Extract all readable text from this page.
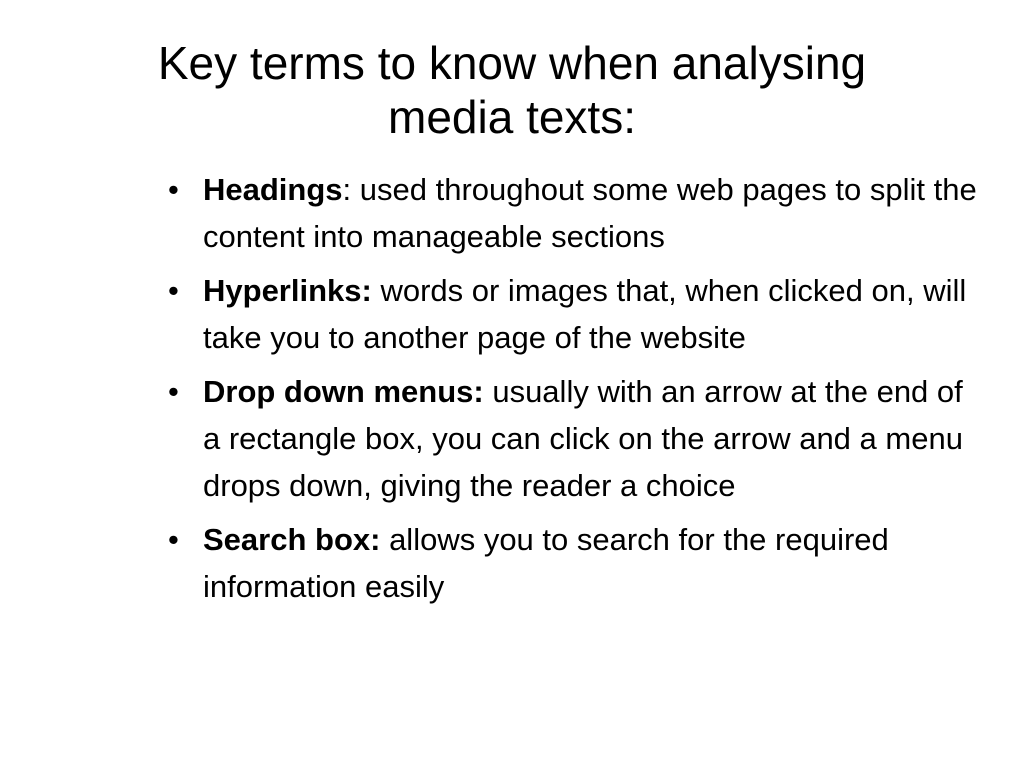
Key terms to know when analysing
media texts:
• Headings: used throughout some web pages to split the content into manageable sections
• Hyperlinks: words or images that, when clicked on, will take you to another page of the website
• Drop down menus: usually with an arrow at the end of a rectangle box, you can click on the arrow and a menu drops down, giving the reader a choice
• Search box: allows you to search for the required information easily
